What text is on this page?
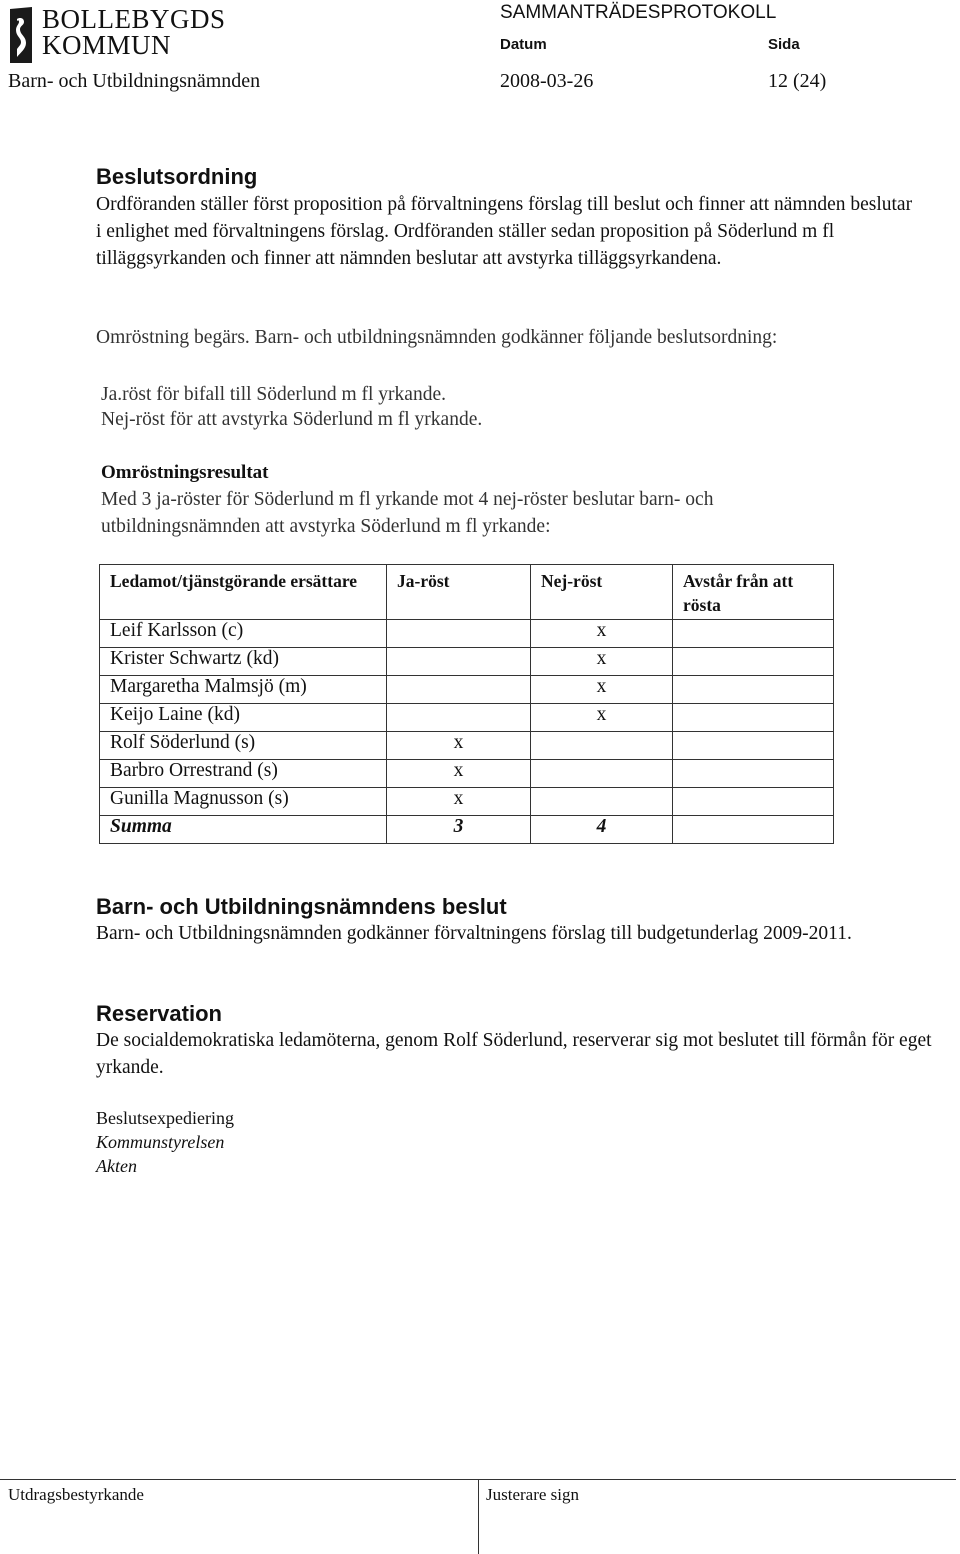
BOLLEBYGDS
KOMMUN
SAMMANTRÄDESPROTOKOLL
Datum	Sida
Barn- och Utbildningsnämnden	2008-03-26	12 (24)
Beslutsordning
Ordföranden ställer först proposition på förvaltningens förslag till beslut och finner att nämnden beslutar i enlighet med förvaltningens förslag. Ordföranden ställer sedan proposition på Söderlund m fl tilläggsyrkanden och finner att nämnden beslutar att avstyrka tilläggsyrkandena.
Omröstning begärs. Barn- och utbildningsnämnden godkänner följande beslutsordning:
Ja.röst för bifall till Söderlund m fl yrkande.
Nej-röst för att avstyrka Söderlund m fl yrkande.
Omröstningsresultat
Med 3 ja-röster för Söderlund m fl yrkande mot 4 nej-röster beslutar barn- och utbildningsnämnden att avstyrka Söderlund m fl yrkande:
Ledamot/tjänstgörande ersättare	Ja-röst	Nej-röst	Avstår från att rösta
Leif Karlsson (c)		x	
Krister Schwartz (kd)		x	
Margaretha Malmsjö (m)		x	
Keijo Laine (kd)		x	
Rolf Söderlund (s)	x		
Barbro Orrestrand (s)	x		
Gunilla Magnusson (s)	x		
Summa	3	4	
Barn- och Utbildningsnämndens beslut
Barn- och Utbildningsnämnden godkänner förvaltningens förslag till budgetunderlag 2009-2011.
Reservation
De socialdemokratiska ledamöterna, genom Rolf Söderlund, reserverar sig mot beslutet till förmån för eget yrkande.
Beslutsexpediering
Kommunstyrelsen
Akten
Utdragsbestyrkande	Justerare sign
